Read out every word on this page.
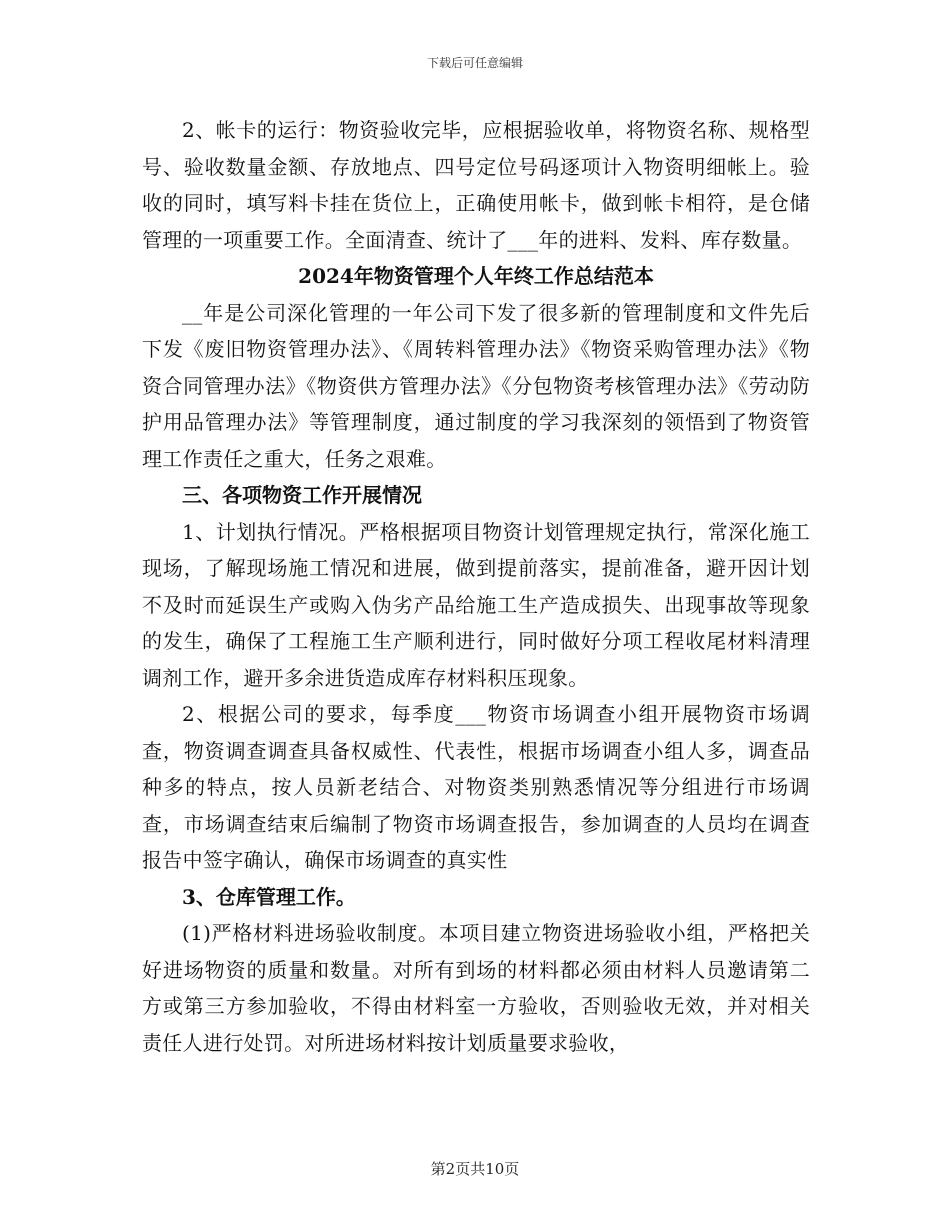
下载后可任意编辑

2、帐卡的运行：物资验收完毕，应根据验收单，将物资名称、规格型号、验收数量金额、存放地点、四号定位号码逐项计入物资明细帐上。验收的同时，填写料卡挂在货位上，正确使用帐卡，做到帐卡相符，是仓储管理的一项重要工作。全面清查、统计了___年的进料、发料、库存数量。

2024年物资管理个人年终工作总结范本

__年是公司深化管理的一年公司下发了很多新的管理制度和文件先后下发《废旧物资管理办法》、《周转料管理办法》《物资采购管理办法》《物资合同管理办法》《物资供方管理办法》《分包物资考核管理办法》《劳动防护用品管理办法》等管理制度，通过制度的学习我深刻的领悟到了物资管理工作责任之重大，任务之艰难。

三、各项物资工作开展情况

1、计划执行情况。严格根据项目物资计划管理规定执行，常深化施工现场，了解现场施工情况和进展，做到提前落实，提前准备，避开因计划不及时而延误生产或购入伪劣产品给施工生产造成损失、出现事故等现象的发生，确保了工程施工生产顺利进行，同时做好分项工程收尾材料清理调剂工作，避开多余进货造成库存材料积压现象。

2、根据公司的要求，每季度___物资市场调查小组开展物资市场调查，物资调查调查具备权威性、代表性，根据市场调查小组人多，调查品种多的特点，按人员新老结合、对物资类别熟悉情况等分组进行市场调查，市场调查结束后编制了物资市场调查报告，参加调查的人员均在调查报告中签字确认，确保市场调查的真实性

3、仓库管理工作。

(1)严格材料进场验收制度。本项目建立物资进场验收小组，严格把关好进场物资的质量和数量。对所有到场的材料都必须由材料人员邀请第二方或第三方参加验收，不得由材料室一方验收，否则验收无效，并对相关责任人进行处罚。对所进场材料按计划质量要求验收，

第2页共10页
